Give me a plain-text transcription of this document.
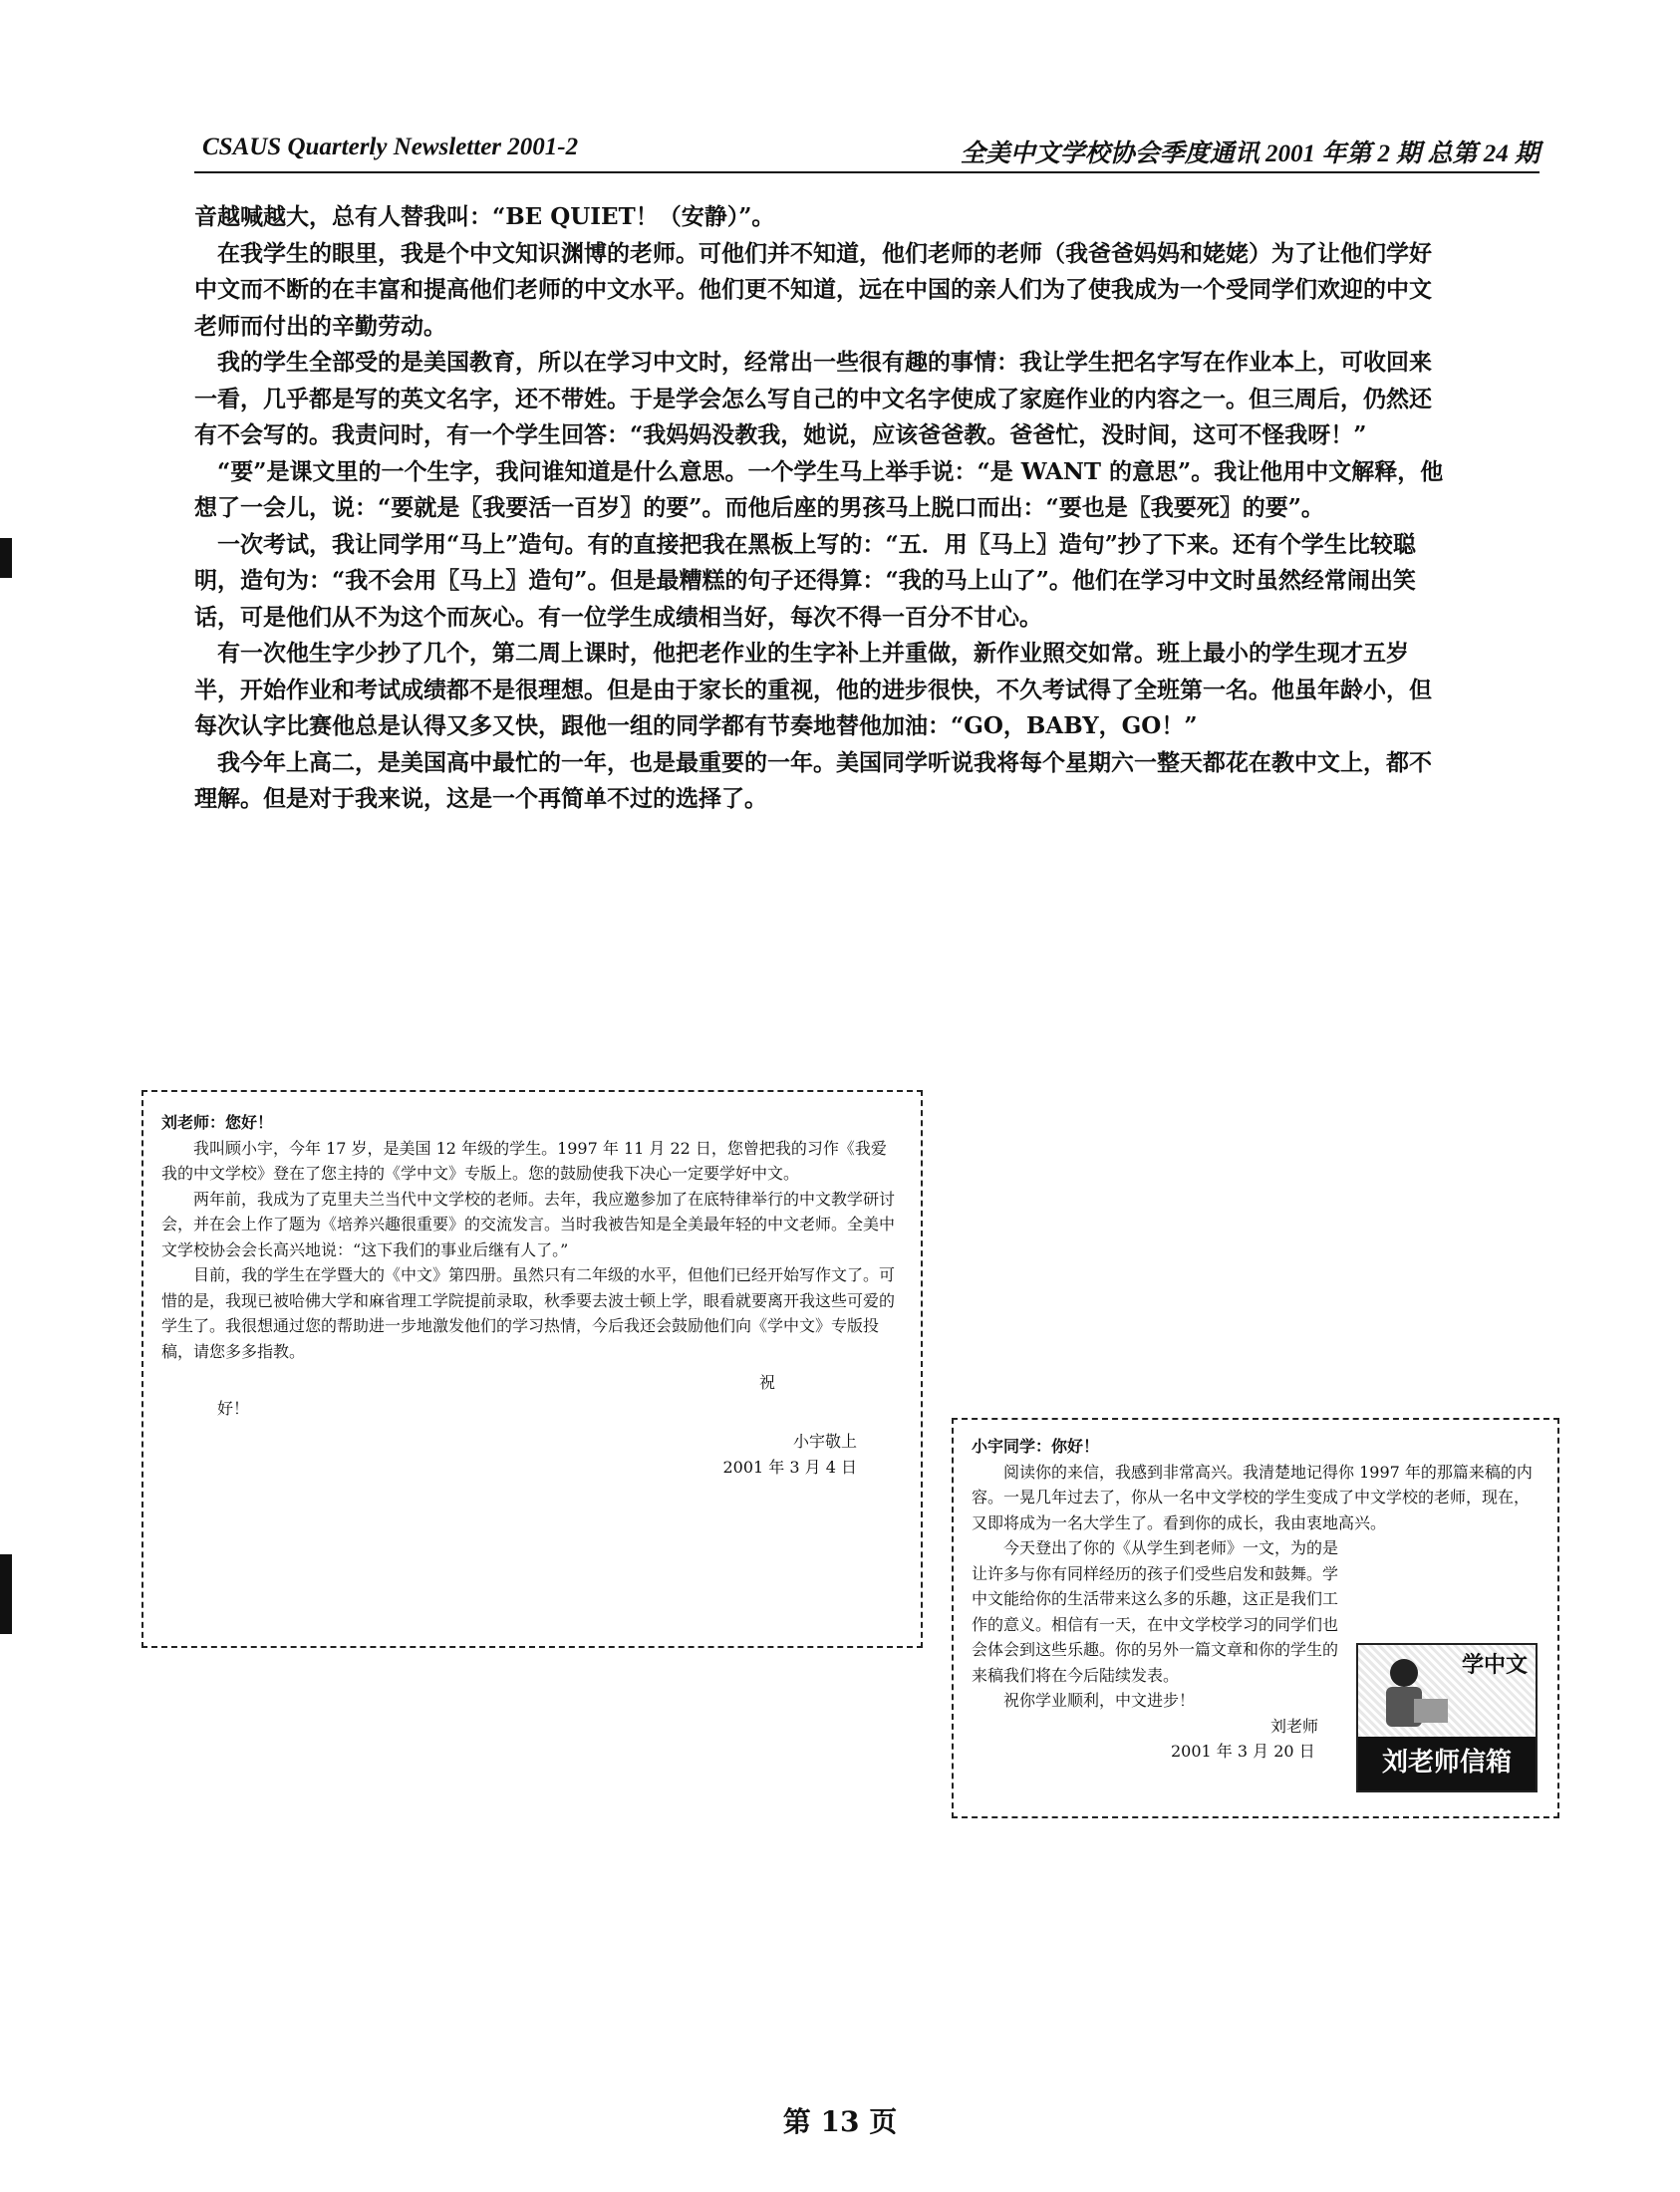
CSAUS Quarterly Newsletter 2001-2	全美中文学校协会季度通讯 2001 年第 2 期 总第 24 期

音越喊越大，总有人替我叫：“BE QUIET！（安静）”。

在我学生的眼里，我是个中文知识渊博的老师。可他们并不知道，他们老师的老师（我爸爸妈妈和姥姥）为了让他们学好中文而不断的在丰富和提高他们老师的中文水平。他们更不知道，远在中国的亲人们为了使我成为一个受同学们欢迎的中文老师而付出的辛勤劳动。

我的学生全部受的是美国教育，所以在学习中文时，经常出一些很有趣的事情：我让学生把名字写在作业本上，可收回来一看，几乎都是写的英文名字，还不带姓。于是学会怎么写自己的中文名字使成了家庭作业的内容之一。但三周后，仍然还有不会写的。我责问时，有一个学生回答：“我妈妈没教我，她说，应该爸爸教。爸爸忙，没时间，这可不怪我呀！”

“要”是课文里的一个生字，我问谁知道是什么意思。一个学生马上举手说：“是 WANT 的意思”。我让他用中文解释，他想了一会儿，说：“要就是〖我要活一百岁〗的要”。而他后座的男孩马上脱口而出：“要也是〖我要死〗的要”。

一次考试，我让同学用“马上”造句。有的直接把我在黑板上写的：“五．用〖马上〗造句”抄了下来。还有个学生比较聪明，造句为：“我不会用〖马上〗造句”。但是最糟糕的句子还得算：“我的马上山了”。他们在学习中文时虽然经常闹出笑话，可是他们从不为这个而灰心。有一位学生成绩相当好，每次不得一百分不甘心。

有一次他生字少抄了几个，第二周上课时，他把老作业的生字补上并重做，新作业照交如常。班上最小的学生现才五岁半，开始作业和考试成绩都不是很理想。但是由于家长的重视，他的进步很快，不久考试得了全班第一名。他虽年龄小，但每次认字比赛他总是认得又多又快，跟他一组的同学都有节奏地替他加油：“GO，BABY，GO！”

我今年上高二，是美国高中最忙的一年，也是最重要的一年。美国同学听说我将每个星期六一整天都花在教中文上，都不理解。但是对于我来说，这是一个再简单不过的选择了。

刘老师：您好！

我叫顾小宇，今年 17 岁，是美国 12 年级的学生。1997 年 11 月 22 日，您曾把我的习作《我爱我的中文学校》登在了您主持的《学中文》专版上。您的鼓励使我下决心一定要学好中文。

两年前，我成为了克里夫兰当代中文学校的老师。去年，我应邀参加了在底特律举行的中文教学研讨会，并在会上作了题为《培养兴趣很重要》的交流发言。当时我被告知是全美最年轻的中文老师。全美中文学校协会会长高兴地说：“这下我们的事业后继有人了。”

目前，我的学生在学暨大的《中文》第四册。虽然只有二年级的水平，但他们已经开始写作文了。可惜的是，我现已被哈佛大学和麻省理工学院提前录取，秋季要去波士顿上学，眼看就要离开我这些可爱的学生了。我很想通过您的帮助进一步地激发他们的学习热情，今后我还会鼓励他们向《学中文》专版投稿，请您多多指教。

祝

好！

小宇敬上

2001 年 3 月 4 日

小宇同学：你好！

阅读你的来信，我感到非常高兴。我清楚地记得你 1997 年的那篇来稿的内容。一晃几年过去了，你从一名中文学校的学生变成了中文学校的老师，现在，又即将成为一名大学生了。看到你的成长，我由衷地高兴。

今天登出了你的《从学生到老师》一文，为的是让许多与你有同样经历的孩子们受些启发和鼓舞。学中文能给你的生活带来这么多的乐趣，这正是我们工作的意义。相信有一天，在中文学校学习的同学们也会体会到这些乐趣。你的另外一篇文章和你的学生的来稿我们将在今后陆续发表。

祝你学业顺利，中文进步！

刘老师

2001 年 3 月 20 日

学中文
刘老师信箱
第 13 页
